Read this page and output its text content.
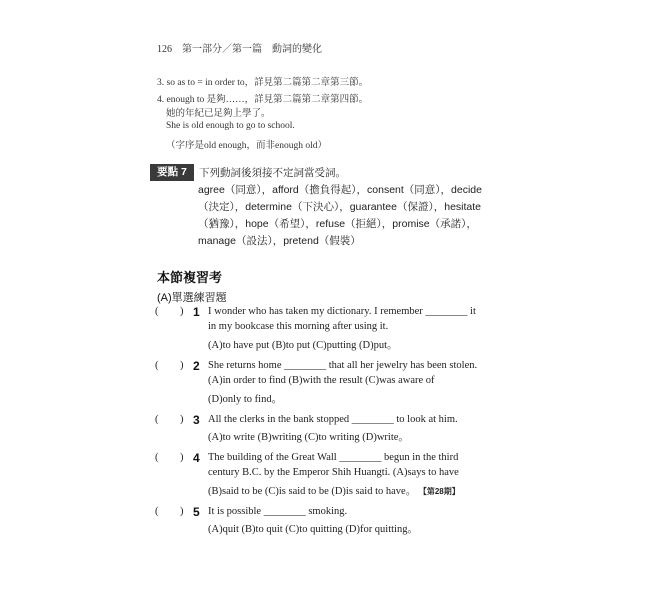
126　第一部分／第一篇　動詞的變化
3. so as to = in order to，詳見第二篇第二章第三節。
4. enough to 是夠……，詳見第二篇第二章第四節。
她的年紀已足夠上學了。
She is old enough to go to school.
（字序是old enough，而非enough old）
要點 7	下列動詞後須接不定詞當受詞。
agree（同意），afford（擔負得起），consent（同意），decide
（決定），determine（下決心），guarantee（保證），hesitate
（猶豫），hope（希望），refuse（拒絕），promise（承諾），
manage（設法），pretend（假裝）
本節複習考
(A)單選練習題
( ) 1 I wonder who has taken my dictionary. I remember ________ it
in my bookcase this morning after using it.
(A)to have put (B)to put (C)putting (D)put。
( ) 2 She returns home ________ that all her jewelry has been stolen.
(A)in order to find (B)with the result (C)was aware of
(D)only to find。
( ) 3 All the clerks in the bank stopped ________ to look at him.
(A)to write (B)writing (C)to writing (D)write。
( ) 4 The building of the Great Wall ________ begun in the third
century B.C. by the Emperor Shih Huangti. (A)says to have
(B)said to be (C)is said to be (D)is said to have。 【第28期】
( ) 5 It is possible ________ smoking.
(A)quit (B)to quit (C)to quitting (D)for quitting。
